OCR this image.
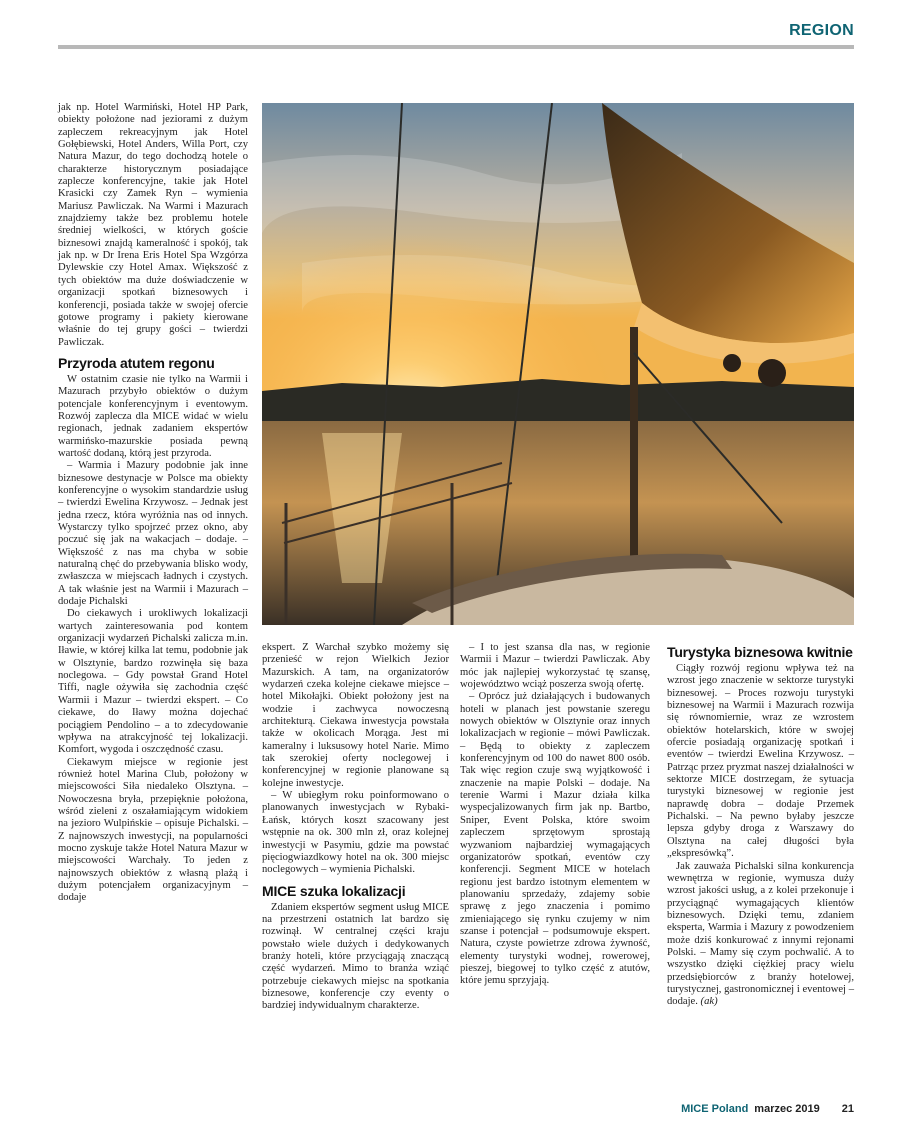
REGION

jak np. Hotel Warmiński, Hotel HP Park, obiekty położone nad jeziorami z dużym zapleczem rekreacyjnym jak Hotel Gołębiewski, Hotel Anders, Willa Port, czy Natura Mazur, do tego dochodzą hotele o charakterze historycznym posiadające zaplecze konferencyjne, takie jak Hotel Krasicki czy Zamek Ryn – wymienia Mariusz Pawliczak. Na Warmi i Mazurach znajdziemy także bez problemu hotele średniej wielkości, w których goście biznesowi znajdą kameralność i spokój, tak jak np. w Dr Irena Eris Hotel Spa Wzgórza Dylewskie czy Hotel Amax. Większość z tych obiektów ma duże doświadczenie w organizacji spotkań biznesowych i konferencji, posiada także w swojej ofercie gotowe programy i pakiety kierowane właśnie do tej grupy gości – twierdzi Pawliczak.

Przyroda atutem regonu

W ostatnim czasie nie tylko na Warmii i Mazurach przybyło obiektów o dużym potencjale konferencyjnym i eventowym. Rozwój zaplecza dla MICE widać w wielu regionach, jednak zadaniem ekspertów warmińsko-mazurskie posiada pewną wartość dodaną, którą jest przyroda.

– Warmia i Mazury podobnie jak inne biznesowe destynacje w Polsce ma obiekty konferencyjne o wysokim standardzie usług – twierdzi Ewelina Krzywosz. – Jednak jest jedna rzecz, która wyróżnia nas od innych. Wystarczy tylko spojrzeć przez okno, aby poczuć się jak na wakacjach – dodaje. – Większość z nas ma chyba w sobie naturalną chęć do przebywania blisko wody, zwłaszcza w miejscach ładnych i czystych. A tak właśnie jest na Warmii i Mazurach – dodaje Pichalski

Do ciekawych i urokliwych lokalizacji wartych zainteresowania pod kontem organizacji wydarzeń Pichalski zalicza m.in. Iławie, w której kilka lat temu, podobnie jak w Olsztynie, bardzo rozwinęła się baza noclegowa. – Gdy powstał Grand Hotel Tiffi, nagle ożywiła się zachodnia część Warmii i Mazur – twierdzi ekspert. – Co ciekawe, do Iławy można dojechać pociągiem Pendolino – a to zdecydowanie wpływa na atrakcyjność tej lokalizacji. Komfort, wygoda i oszczędność czasu.

Ciekawym miejsce w regionie jest również hotel Marina Club, położony w miejscowości Siła niedaleko Olsztyna. – Nowoczesna bryła, przepięknie położona, wśród zieleni z oszałamiającym widokiem na jezioro Wulpińskie – opisuje Pichalski. – Z najnowszych inwestycji, na popularności mocno zyskuje także Hotel Natura Mazur w miejscowości Warchały. To jeden z najnowszych obiektów z własną plażą i dużym potencjałem organizacyjnym – dodaje

ekspert. Z Warchał szybko możemy się przenieść w rejon Wielkich Jezior Mazurskich. A tam, na organizatorów wydarzeń czeka kolejne ciekawe miejsce – hotel Mikołajki. Obiekt położony jest na wodzie i zachwyca nowoczesną architekturą. Ciekawa inwestycja powstała także w okolicach Morąga. Jest mi kameralny i luksusowy hotel Narie. Mimo tak szerokiej oferty noclegowej i konferencyjnej w regionie planowane są kolejne inwestycje.

– W ubiegłym roku poinformowano o planowanych inwestycjach w Rybaki-Łańsk, których koszt szacowany jest wstępnie na ok. 300 mln zł, oraz kolejnej inwestycji w Pasymiu, gdzie ma powstać pięciogwiazdkowy hotel na ok. 300 miejsc noclegowych – wymienia Pichalski.

MICE szuka lokalizacji

Zdaniem ekspertów segment usług MICE na przestrzeni ostatnich lat bardzo się rozwinął. W centralnej części kraju powstało wiele dużych i dedykowanych branży hoteli, które przyciągają znaczącą część wydarzeń. Mimo to branża wziąć potrzebuje ciekawych miejsc na spotkania biznesowe, konferencje czy eventy o bardziej indywidualnym charakterze.

– I to jest szansa dla nas, w regionie Warmii i Mazur – twierdzi Pawliczak. Aby móc jak najlepiej wykorzystać tę szansę, województwo wciąż poszerza swoją ofertę.

– Oprócz już działających i budowanych hoteli w planach jest powstanie szeregu nowych obiektów w Olsztynie oraz innych lokalizacjach w regionie – mówi Pawliczak. – Będą to obiekty z zapleczem konferencyjnym od 100 do nawet 800 osób. Tak więc region czuje swą wyjątkowość i znaczenie na mapie Polski – dodaje. Na terenie Warmi i Mazur działa kilka wyspecjalizowanych firm jak np. Bartbo, Sniper, Event Polska, które swoim zapleczem sprzętowym sprostają wyzwaniom najbardziej wymagających organizatorów spotkań, eventów czy konferencji. Segment MICE w hotelach regionu jest bardzo istotnym elementem w planowaniu sprzedaży, zdajemy sobie sprawę z jego znaczenia i pomimo zmieniającego się rynku czujemy w nim szanse i potencjał – podsumowuje ekspert. Natura, czyste powietrze zdrowa żywność, elementy turystyki wodnej, rowerowej, pieszej, biegowej to tylko część z atutów, które jemu sprzyjają.

Turystyka biznesowa kwitnie

Ciągły rozwój regionu wpływa też na wzrost jego znaczenie w sektorze turystyki biznesowej. – Proces rozwoju turystyki biznesowej na Warmii i Mazurach rozwija się równomiernie, wraz ze wzrostem obiektów hotelarskich, które w swojej ofercie posiadają organizację spotkań i eventów – twierdzi Ewelina Krzywosz. – Patrząc przez pryzmat naszej działalności w sektorze MICE dostrzegam, że sytuacja turystyki biznesowej w regionie jest naprawdę dobra – dodaje Przemek Pichalski. – Na pewno byłaby jeszcze lepsza gdyby droga z Warszawy do Olsztyna na całej długości była „ekspresówką”.

Jak zauważa Pichalski silna konkurencja wewnętrza w regionie, wymusza duży wzrost jakości usług, a z kolei przekonuje i przyciągnąć wymagających klientów biznesowych. Dzięki temu, zdaniem eksperta, Warmia i Mazury z powodzeniem może dziś konkurować z innymi rejonami Polski. – Mamy się czym pochwalić. A to wszystko dzięki ciężkiej pracy wielu przedsiębiorców z branży hotelowej, turystycznej, gastronomicznej i eventowej – dodaje. (ak)

MICE Poland marzec 2019 21
